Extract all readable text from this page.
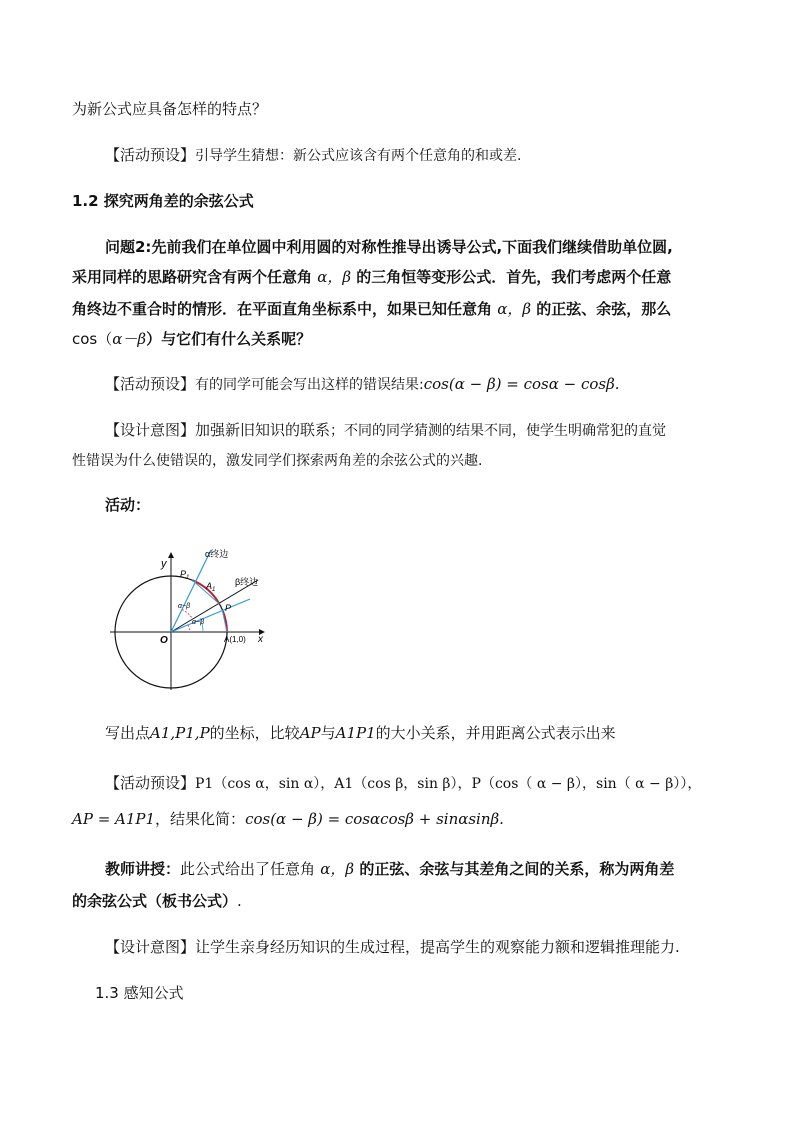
为新公式应具备怎样的特点？
【活动预设】引导学生猜想：新公式应该含有两个任意角的和或差.
1.2 探究两角差的余弦公式
问题2:先前我们在单位圆中利用圆的对称性推导出诱导公式,下面我们继续借助单位圆,
采用同样的思路研究含有两个任意角 α，β 的三角恒等变形公式．首先，我们考虑两个任意
角终边不重合时的情形．在平面直角坐标系中，如果已知任意角 α，β 的正弦、余弦，那么
cos（α－β）与它们有什么关系呢？
【活动预设】有的同学可能会写出这样的错误结果:cos(α − β) = cosα − cosβ.
【设计意图】加强新旧知识的联系；不同的同学猜测的结果不同，使学生明确常犯的直觉
性错误为什么使错误的，激发同学们探索两角差的余弦公式的兴趣.
活动：
y
x
O
α终边
β终边
$P_1$
$A_1$
P
A(1,0)
α−β
α−β
写出点A1,P1,P的坐标，比较AP与A1P1的大小关系，并用距离公式表示出来
【活动预设】P1（cos α，sin α），A1（cos β，sin β），P（cos（ α − β），sin（ α − β）），
AP = A1P1，结果化简：cos(α − β) = cosαcosβ + sinαsinβ.
教师讲授：此公式给出了任意角 α，β 的正弦、余弦与其差角之间的关系，称为两角差
的余弦公式（板书公式）.
【设计意图】让学生亲身经历知识的生成过程，提高学生的观察能力额和逻辑推理能力.
1.3 感知公式
